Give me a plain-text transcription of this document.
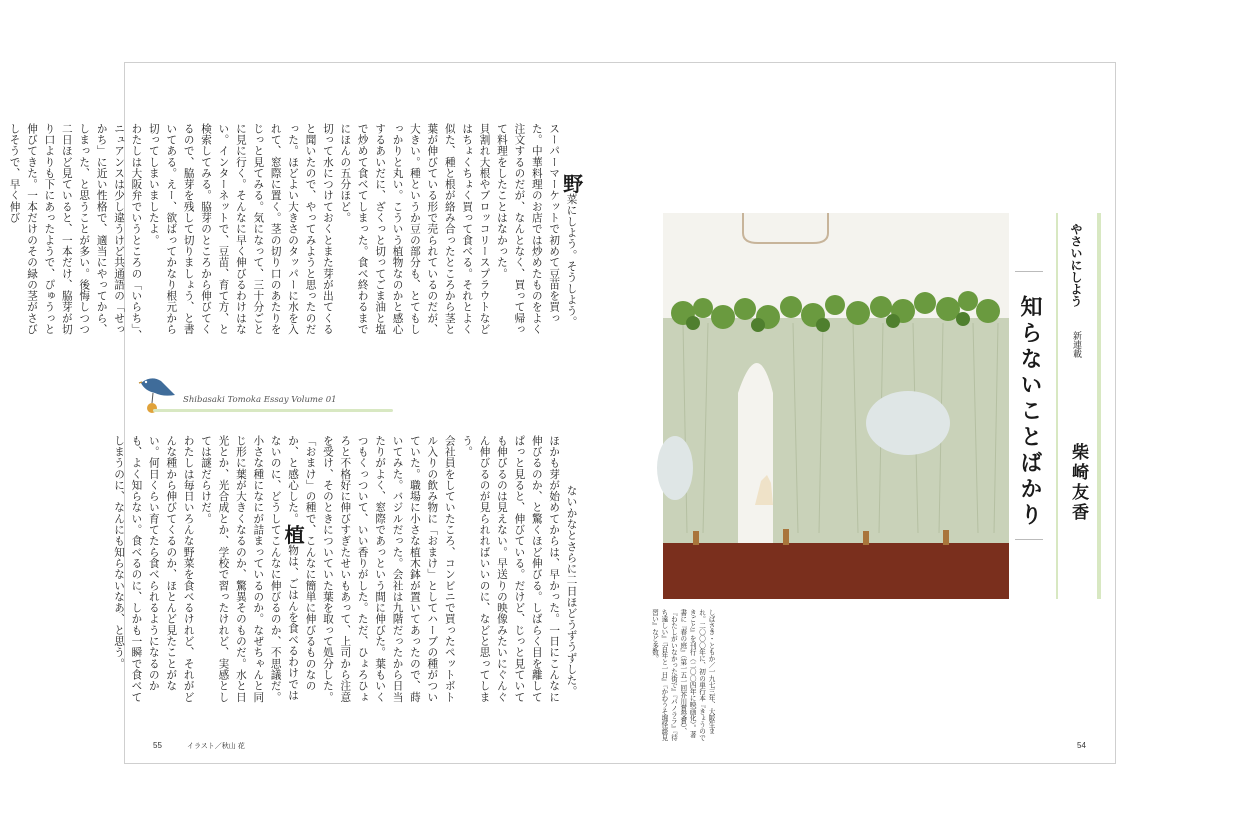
野菜にしよう。そうしよう。
スーパーマーケットで初めて豆苗を買った。中華料理のお店では炒めたものをよく注文するのだが、なんとなく、買って帰って料理をしたことはなかった。
貝割れ大根やブロッコリースプラウトなどはちょくちょく買って食べる。それとよく似た、種と根が絡み合ったところから茎と葉が伸びている形で売られているのだが、大きい。種というか豆の部分も、とてもしっかりと丸い。こういう植物なのかと感心するあいだに、ざくっと切ってごま油と塩で炒めて食べてしまった。食べ終わるまでにほんの五分ほど。
切って水につけておくとまた芽が出てくると聞いたので、やってみようと思ったのだった。ほどよい大きさのタッパーに水を入れて、窓際に置く。茎の切り口のあたりをじっと見てみる。気になって、三十分ごとに見に行く。そんなに早く伸びるわけはない。インターネットで、豆苗、育て方、と検索してみる。脇芽のところから伸びてくるので、脇芽を残して切りましょう、と書いてある。えー、欲ばってかなり根元から切ってしまいましたよ。
わたしは大阪弁でいうところの「いらち」、ニュアンスは少し違うけど共通語の「せっかち」に近い性格で、適当にやってから、しまった、と思うことが多い。後悔しつつ二日ほど見ていると、一本だけ、脇芽が切り口よりも下にあったようで、ぴゅうっと伸びてきた。一本だけのその緑の茎がさびしそうで、早く伸び

Shibasaki Tomoka Essay Volume 01

ないかなとさらに二日ほどうずうずした。ほかも芽が始めてからは、早かった。一日にこんなに伸びるのか、と驚くほど伸びる。しばらく目を離してぱっと見ると、伸びている。だけど、じっと見ていても伸びるのは見えない。早送りの映像みたいにぐんぐん伸びるのが見られればいいのに、などと思ってしまう。
会社員をしていたころ、コンビニで買ったペットボトル入りの飲み物に「おまけ」としてハーブの種がついていた。職場に小さな植木鉢が置いてあったので、蒔いてみた。バジルだった。会社は九階だったから日当たりがよく、窓際であっという間に伸びた。葉もいくつもくっついて、いい香りがした。ただ、ひょろひょろと不格好に伸びすぎたせいもあって、上司から注意を受け、そのときについていた葉を取って処分した。「おまけ」の種で、こんなに簡単に伸びるものなのか、と感心した。植物は、ごはんを食べるわけではないのに、どうしてこんなに伸びるのか、不思議だ。小さな種になにが詰まっているのか。なぜちゃんと同じ形に葉が大きくなるのか、驚異そのものだ。水と日光とか、光合成とか、学校で習ったけれど、実感としては謎だらけだ。
わたしは毎日いろんな野菜を食べるけれど、それがどんな種から伸びてくるのか、ほとんど見たことがない。何日くらい育てたら食べられるようになるのかも、よく知らない。食べるのに、しかも一瞬で食べてしまうのに、なんにも知らないなあ、と思う。

55	イラスト／秋山 花
しばさき・ともか／一九七三年、大阪生まれ。二〇〇〇年に、初の単行本『きょうのできごと』を刊行（二〇〇四年に映画化）。著書に『春の庭』（第一五一回芥川賞受賞）、『わたしがいなかった街で』『パノララ』『待ち遠しい』『百年と一日』『かわうそ堀怪談見習い』など多数。
やさいにしよう
新連載
柴崎友香
知らないことばかり
54
